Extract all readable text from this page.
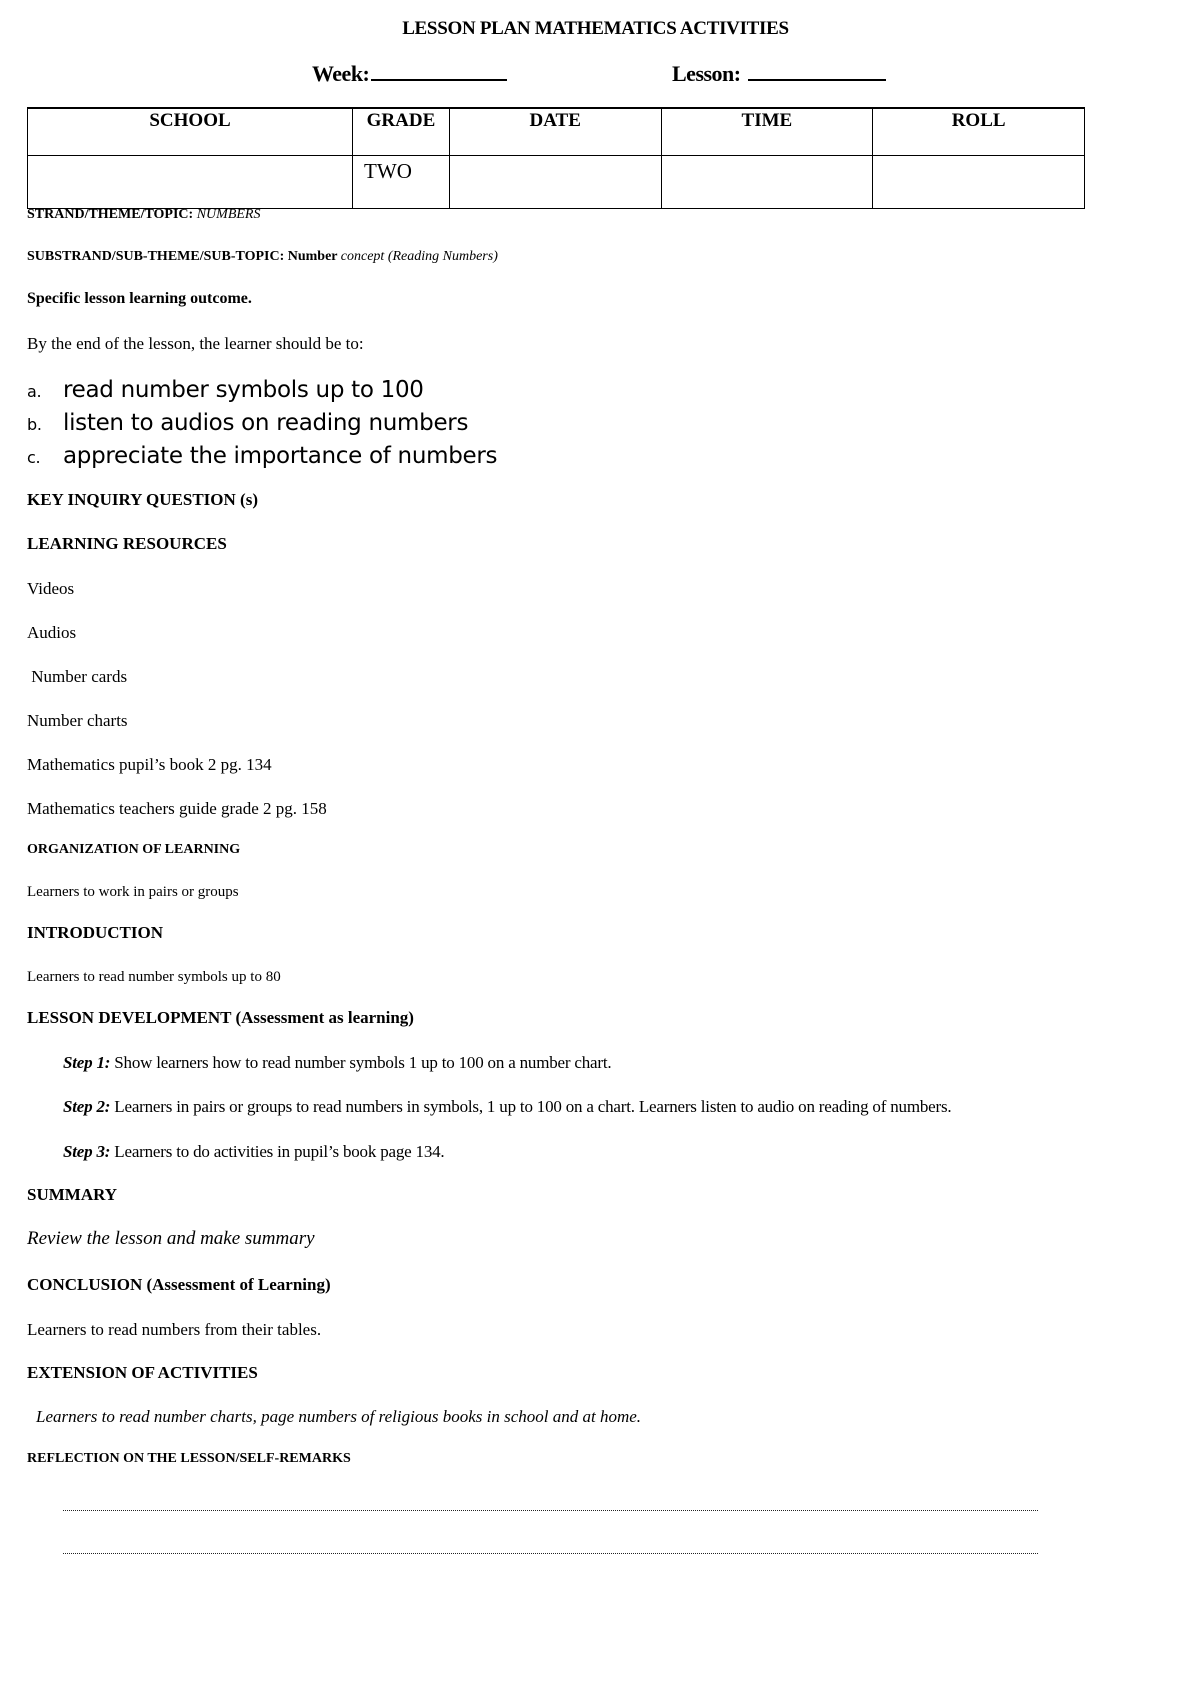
LESSON PLAN MATHEMATICS ACTIVITIES
Week:	Lesson:
SCHOOL	GRADE	DATE	TIME	ROLL
	TWO			
STRAND/THEME/TOPIC: NUMBERS
SUBSTRAND/SUB-THEME/SUB-TOPIC: Number concept (Reading Numbers)
Specific lesson learning outcome.
By the end of the lesson, the learner should be to:
a. read number symbols up to 100
b. listen to audios on reading numbers
c. appreciate the importance of numbers
KEY INQUIRY QUESTION (s)
LEARNING RESOURCES
Videos
Audios
Number cards
Number charts
Mathematics pupil’s book 2 pg. 134
Mathematics teachers guide grade 2 pg. 158
ORGANIZATION OF LEARNING
Learners to work in pairs or groups
INTRODUCTION
Learners to read number symbols up to 80
LESSON DEVELOPMENT (Assessment as learning)
Step 1: Show learners how to read number symbols 1 up to 100 on a number chart.
Step 2: Learners in pairs or groups to read numbers in symbols, 1 up to 100 on a chart. Learners listen to audio on reading of numbers.
Step 3: Learners to do activities in pupil’s book page 134.
SUMMARY
Review the lesson and make summary
CONCLUSION (Assessment of Learning)
Learners to read numbers from their tables.
EXTENSION OF ACTIVITIES
Learners to read number charts, page numbers of religious books in school and at home.
REFLECTION ON THE LESSON/SELF-REMARKS
